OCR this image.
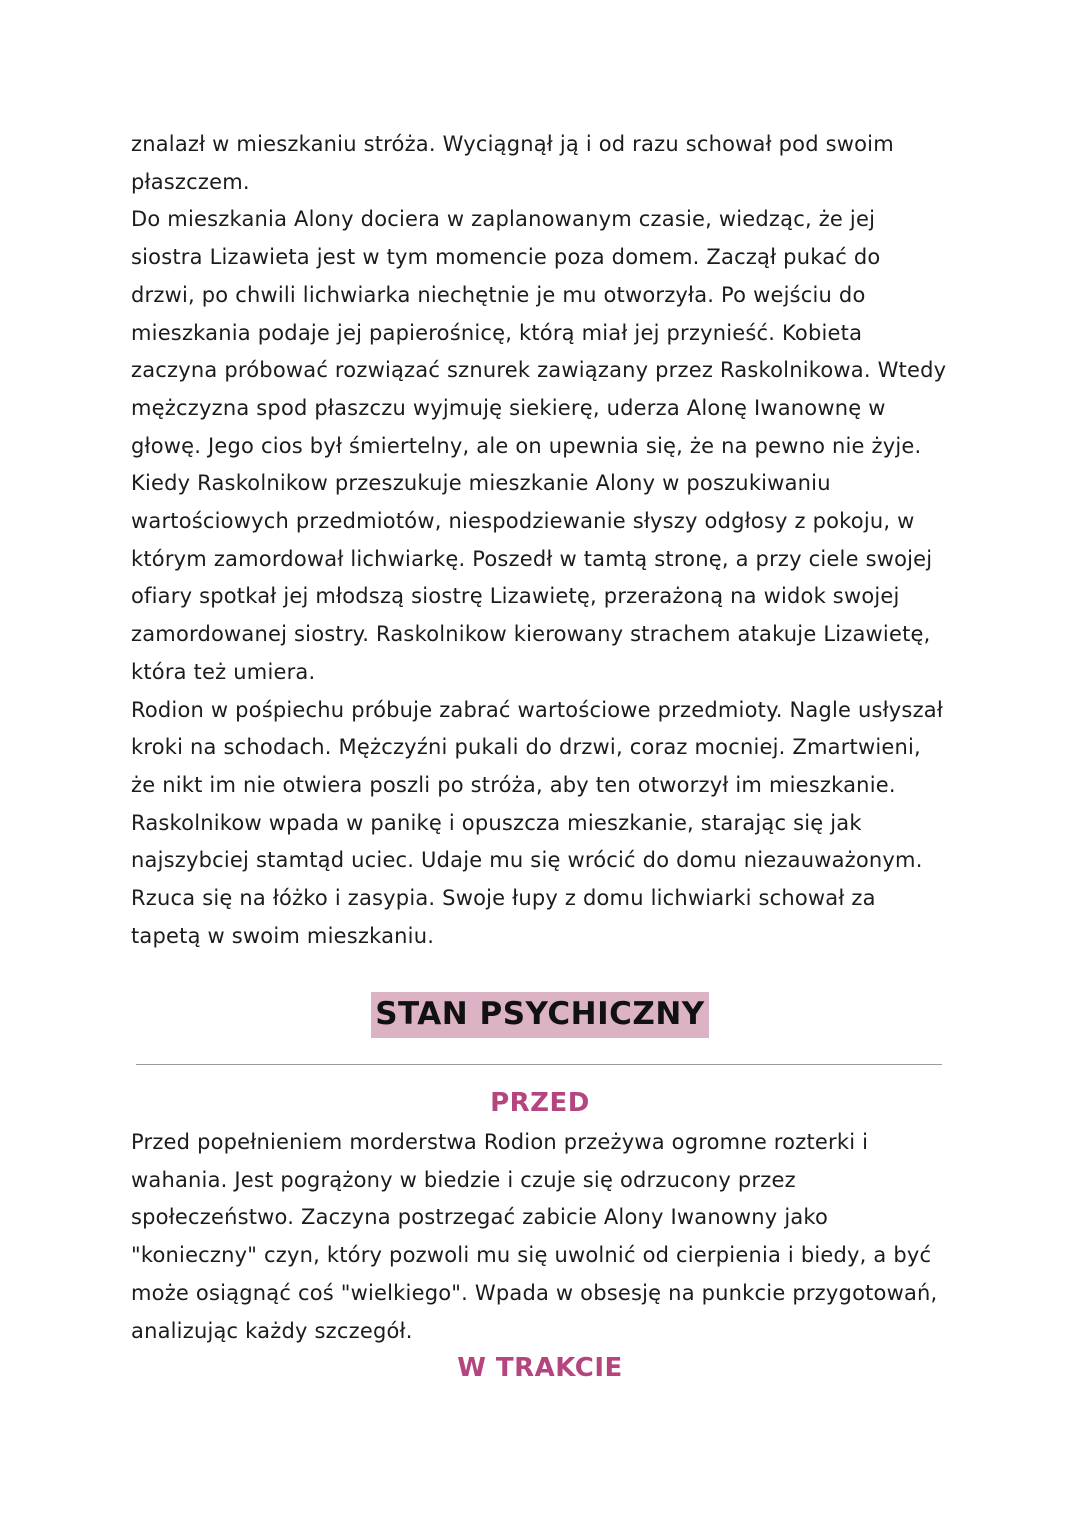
znalazł w mieszkaniu stróża. Wyciągnął ją i od razu schował pod swoim płaszczem.

Do mieszkania Alony dociera w zaplanowanym czasie, wiedząc, że jej siostra Lizawieta jest w tym momencie poza domem. Zaczął pukać do drzwi, po chwili lichwiarka niechętnie je mu otworzyła. Po wejściu do mieszkania podaje jej papierośnicę, którą miał jej przynieść. Kobieta zaczyna próbować rozwiązać sznurek zawiązany przez Raskolnikowa. Wtedy mężczyzna spod płaszczu wyjmuję siekierę, uderza Alonę Iwanownę w głowę. Jego cios był śmiertelny, ale on upewnia się, że na pewno nie żyje. Kiedy Raskolnikow przeszukuje mieszkanie Alony w poszukiwaniu wartościowych przedmiotów, niespodziewanie słyszy odgłosy z pokoju, w którym zamordował lichwiarkę. Poszedł w tamtą stronę, a przy ciele swojej ofiary spotkał jej młodszą siostrę Lizawietę, przerażoną na widok swojej zamordowanej siostry. Raskolnikow kierowany strachem atakuje Lizawietę, która też umiera.

Rodion w pośpiechu próbuje zabrać wartościowe przedmioty. Nagle usłyszał kroki na schodach. Mężczyźni pukali do drzwi, coraz mocniej. Zmartwieni, że nikt im nie otwiera poszli po stróża, aby ten otworzył im mieszkanie. Raskolnikow wpada w panikę i opuszcza mieszkanie, starając się jak najszybciej stamtąd uciec. Udaje mu się wrócić do domu niezauważonym. Rzuca się na łóżko i zasypia. Swoje łupy z domu lichwiarki schował za tapetą w swoim mieszkaniu.

STAN PSYCHICZNY
PRZED

Przed popełnieniem morderstwa Rodion przeżywa ogromne rozterki i wahania. Jest pogrążony w biedzie i czuje się odrzucony przez społeczeństwo. Zaczyna postrzegać zabicie Alony Iwanowny jako "konieczny" czyn, który pozwoli mu się uwolnić od cierpienia i biedy, a być może osiągnąć coś "wielkiego". Wpada w obsesję na punkcie przygotowań, analizując każdy szczegół.

W TRAKCIE
